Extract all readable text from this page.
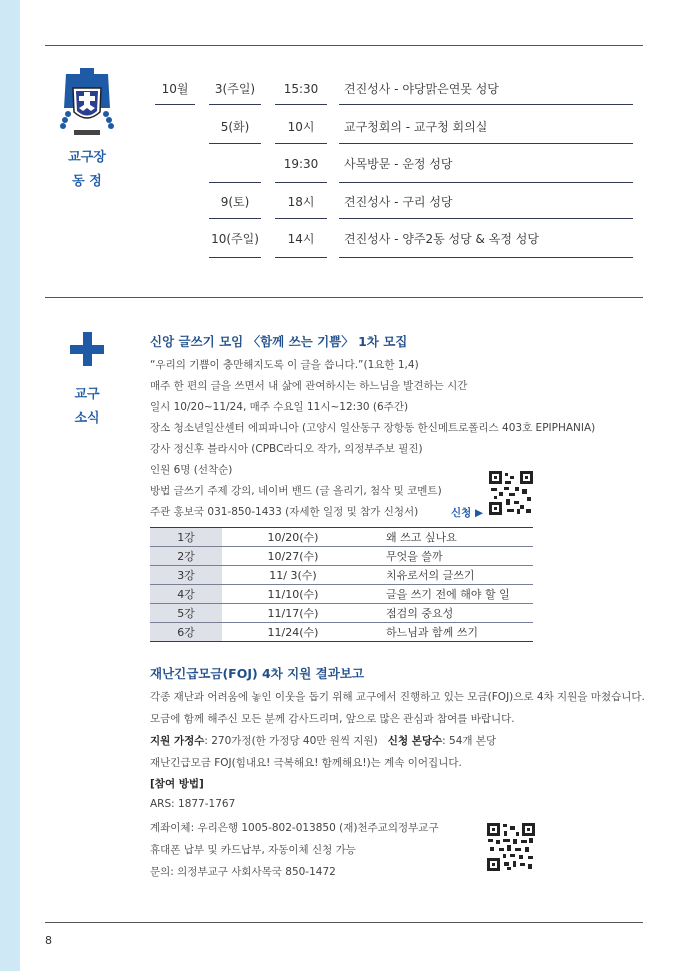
교구장
동 정
10월	3(주일)	15:30	견진성사 - 야당맑은연못 성당
5(화)	10시	교구청회의 - 교구청 회의실
19:30	사목방문 - 운정 성당
9(토)	18시	견진성사 - 구리 성당
10(주일)	14시	견진성사 - 양주2동 성당 & 옥정 성당
교구
소식
신앙 글쓰기 모임 〈함께 쓰는 기쁨〉 1차 모집
“우리의 기쁨이 충만해지도록 이 글을 씁니다.”(1요한 1,4)
매주 한 편의 글을 쓰면서 내 삶에 관여하시는 하느님을 발견하는 시간
일시 10/20~11/24, 매주 수요일 11시~12:30 (6주간)
장소 청소년일산센터 에피파니아 (고양시 일산동구 장항동 한신메트로폴리스 403호 EPIPHANIA)
강사 정신후 블라시아 (CPBC라디오 작가, 의정부주보 필진)
인원 6명 (선착순)
방법 글쓰기 주제 강의, 네이버 밴드 (글 올리기, 첨삭 및 코멘트)
주관 홍보국 031-850-1433 (자세한 일정 및 참가 신청서)	신청 ▶
1강	10/20(수)	왜 쓰고 싶나요
2강	10/27(수)	무엇을 쓸까
3강	11/ 3(수)	치유로서의 글쓰기
4강	11/10(수)	글을 쓰기 전에 해야 할 일
5강	11/17(수)	점검의 중요성
6강	11/24(수)	하느님과 함께 쓰기
재난긴급모금(FOJ) 4차 지원 결과보고
각종 재난과 어려움에 놓인 이웃을 돕기 위해 교구에서 진행하고 있는 모금(FOJ)으로 4차 지원을 마쳤습니다.
모금에 함께 해주신 모든 분께 감사드리며, 앞으로 많은 관심과 참여를 바랍니다.
지원 가정수: 270가정(한 가정당 40만 원씩 지원) 신청 본당수: 54개 본당
재난긴급모금 FOJ(힘내요! 극복해요! 함께해요!)는 계속 이어집니다.
[참여 방법]
ARS: 1877-1767
계좌이체: 우리은행 1005-802-013850 (재)천주교의정부교구
휴대폰 납부 및 카드납부, 자동이체 신청 가능
문의: 의정부교구 사회사목국 850-1472
8
